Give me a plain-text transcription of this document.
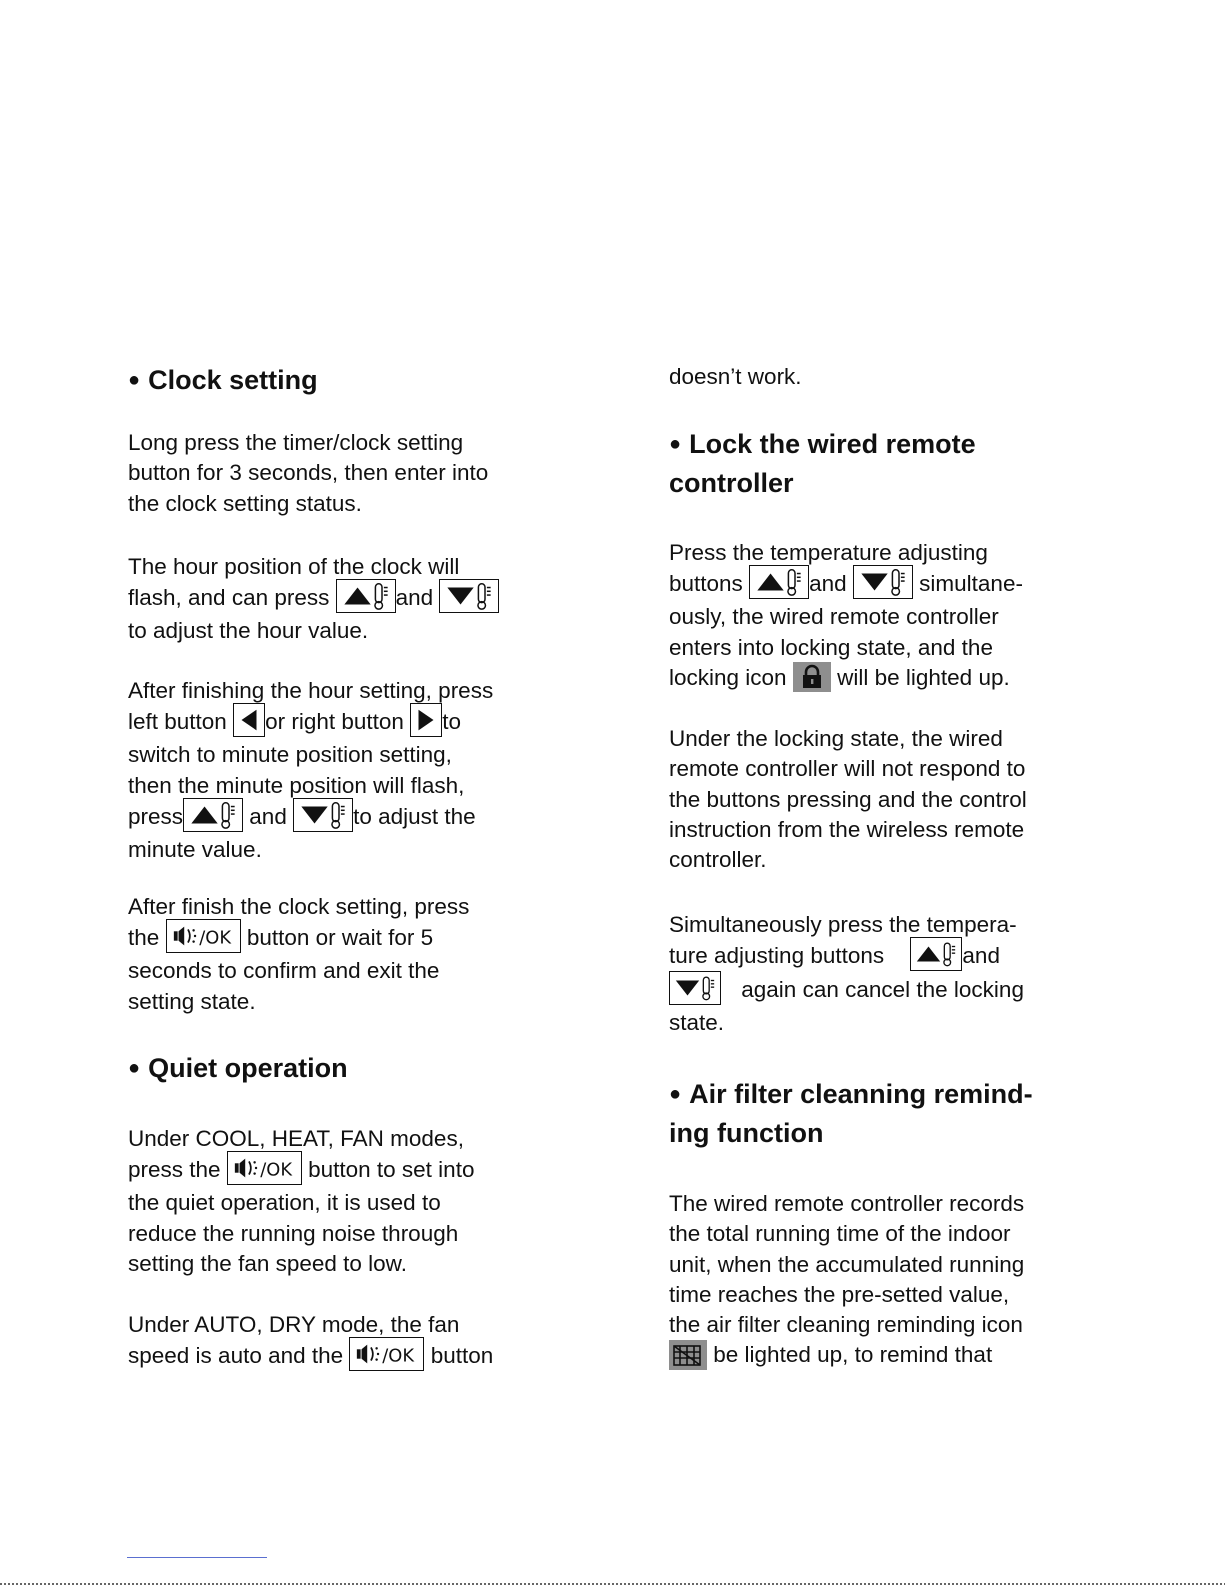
● Clock setting

Long press the timer/clock setting
button for 3 seconds, then enter into
the clock setting status.

The hour position of the clock will
flash, and can press	and
to adjust the hour value.

After finishing the hour setting, press
left button or right button to
switch to minute position setting,
then the minute position will flash,
press	and	to adjust the
minute value.

After finish the clock setting, press
the /OK button or wait for 5
seconds to confirm and exit the
setting state.

● Quiet operation

Under COOL, HEAT, FAN modes,
press the /OK button to set into
the quiet operation, it is used to
reduce the running noise through
setting the fan speed to low.

Under AUTO, DRY mode, the fan
speed is auto and the /OK button

doesn’t work.

● Lock the wired remote
controller

Press the temperature adjusting
buttons	and	simultane-
ously, the wired remote controller
enters into locking state, and the
locking icon will be lighted up.

Under the locking state, the wired
remote controller will not respond to
the buttons pressing and the control
instruction from the wireless remote
controller.

Simultaneously press the tempera-
ture adjusting buttons	and
again can cancel the locking
state.

● Air filter cleanning remind-
ing function

The wired remote controller records
the total running time of the indoor
unit, when the accumulated running
time reaches the pre-setted value,
the air filter cleaning reminding icon
be lighted up, to remind that
